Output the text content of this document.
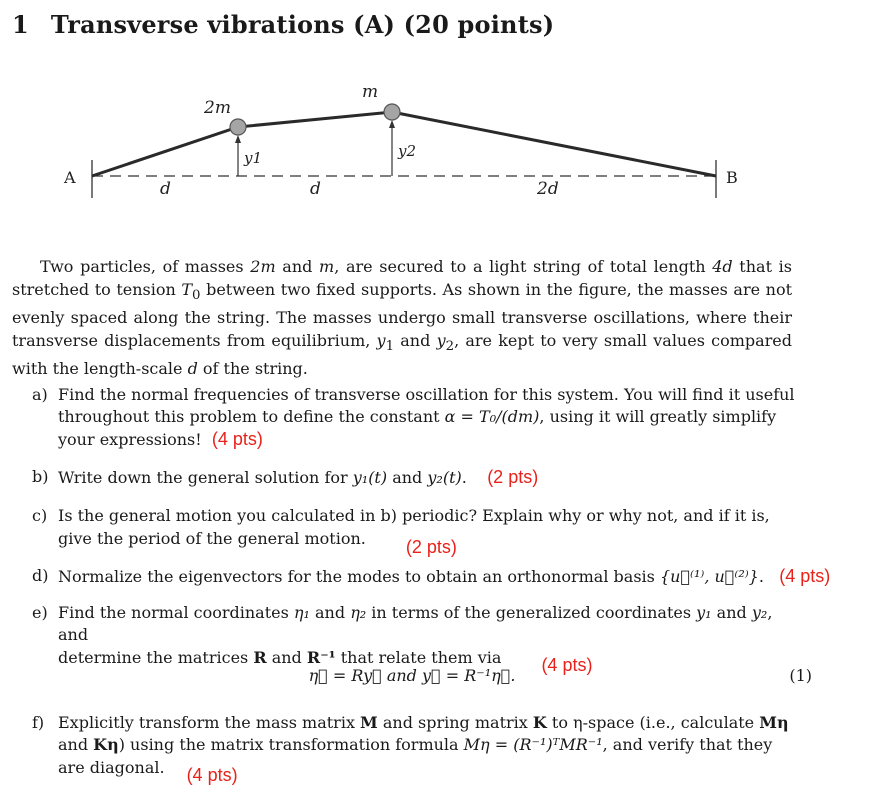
1 Transverse vibrations (A) (20 points)
A	B
2m
m
y1	y2
d	d	2d

Two particles, of masses 2m and m, are secured to a light string of total length 4d that is stretched to tension $T_0$ between two fixed supports. As shown in the figure, the masses are not evenly spaced along the string. The masses undergo small transverse oscillations, where their transverse displacements from equilibrium, $y_1$ and $y_2$, are kept to very small values compared with the length-scale d of the string.

a) Find the normal frequencies of transverse oscillation for this system. You will find it useful
throughout this problem to define the constant α = T₀/(dm), using it will greatly simplify
your expressions! (4 pts)
b) Write down the general solution for y₁(t) and y₂(t). (2 pts)
c) Is the general motion you calculated in b) periodic? Explain why or why not, and if it is,
give the period of the general motion. (2 pts)
d) Normalize the eigenvectors for the modes to obtain an orthonormal basis {u⃗⁽¹⁾, u⃗⁽²⁾}. (4 pts)
e) Find the normal coordinates η₁ and η₂ in terms of the generalized coordinates y₁ and y₂, and
determine the matrices R and R⁻¹ that relate them via (4 pts)
η⃗ = Ry⃗ and y⃗ = R⁻¹η⃗.	(1)
f) Explicitly transform the mass matrix M and spring matrix K to η-space (i.e., calculate Mη
and Kη) using the matrix transformation formula Mη = (R⁻¹)ᵀMR⁻¹, and verify that they
are diagonal. (4 pts)
